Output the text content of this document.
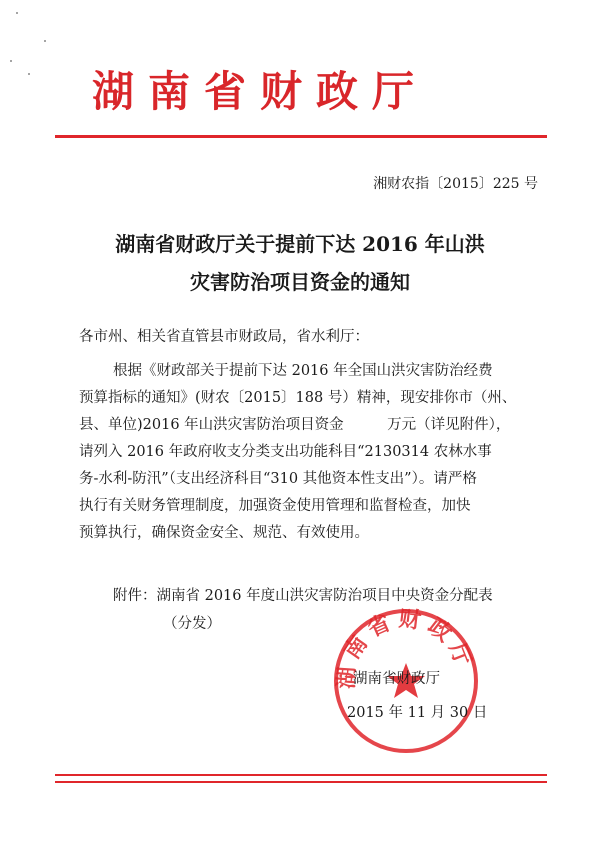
湖南省财政厅
湘财农指〔2015〕225 号
湖南省财政厅关于提前下达 2016 年山洪
灾害防治项目资金的通知
各市州、相关省直管县市财政局，省水利厅：
根据《财政部关于提前下达 2016 年全国山洪灾害防治经费
预算指标的通知》(财农〔2015〕188 号）精神，现安排你市（州、
县、单位)2016 年山洪灾害防治项目资金　　　万元（详见附件），
请列入 2016 年政府收支分类支出功能科目“2130314 农林水事
务-水利-防汛”（支出经济科目“310 其他资本性支出”）。请严格
执行有关财务管理制度，加强资金使用管理和监督检查，加快
预算执行，确保资金安全、规范、有效使用。
附件：湖南省 2016 年度山洪灾害防治项目中央资金分配表
（分发）
湖南省财政厅
湖南省财政厅
2015 年 11 月 30 日
